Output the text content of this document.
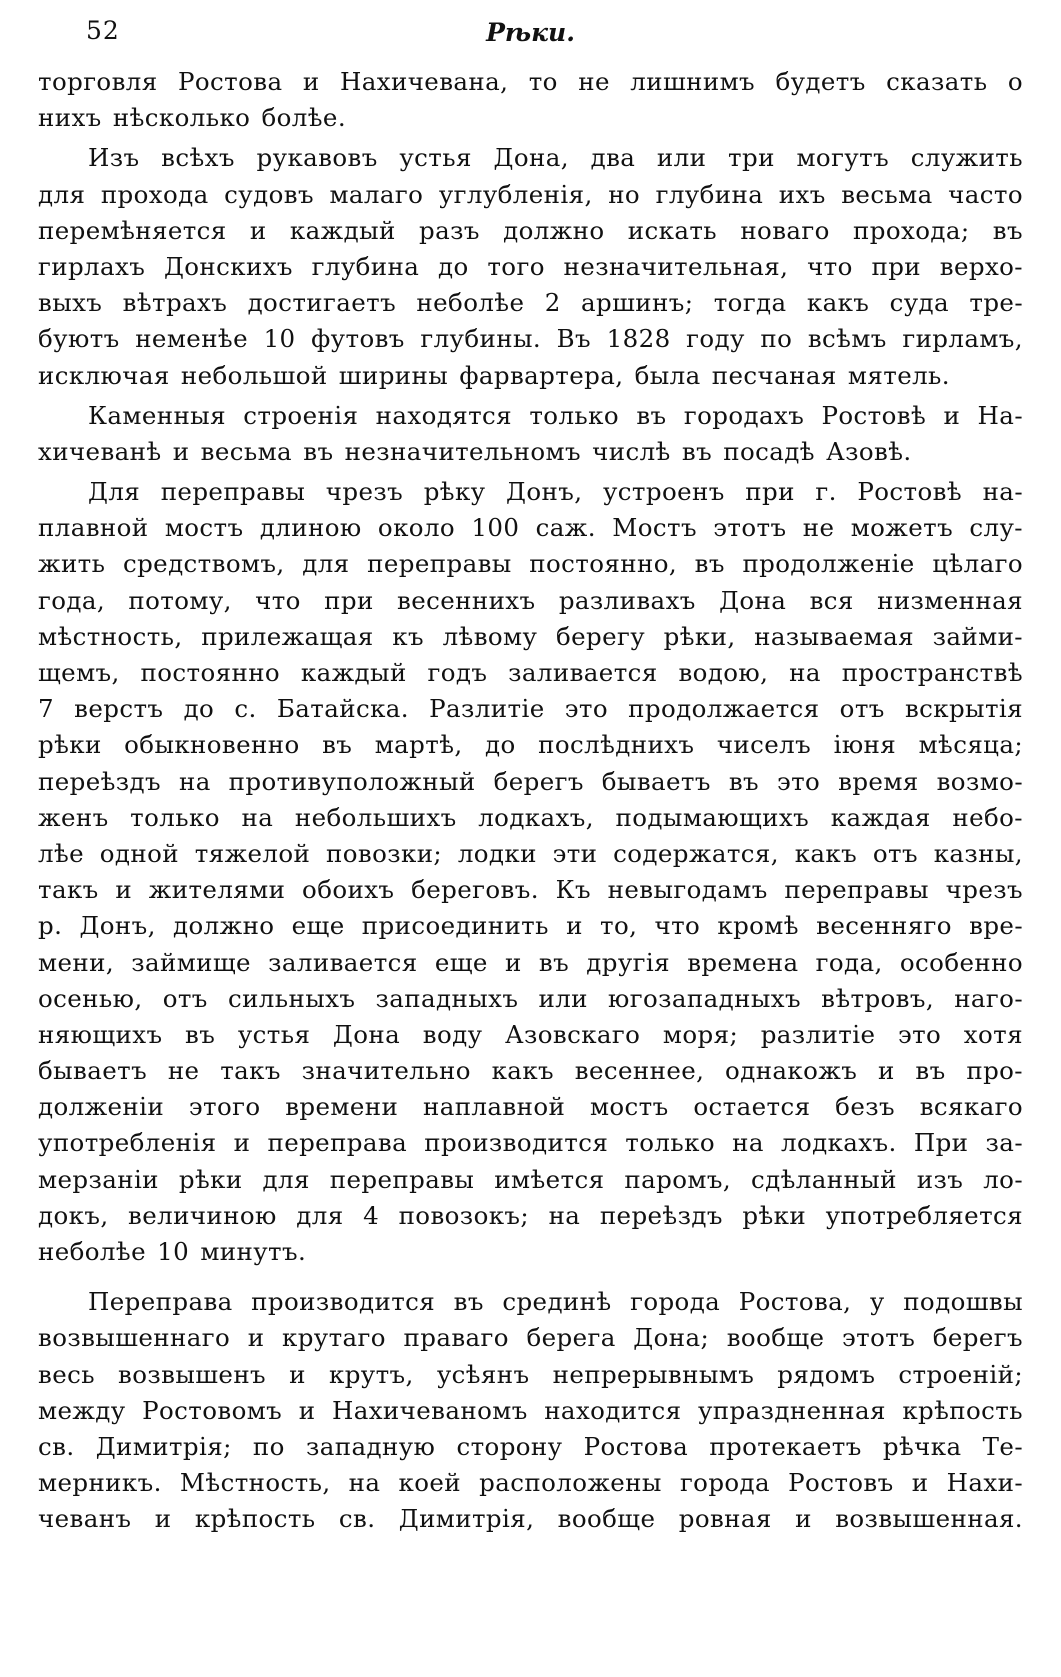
52	Рѣки.
торговля Ростова и Нахичевана, то не лишнимъ будетъ сказать о
нихъ нѣсколько болѣе.
Изъ всѣхъ рукавовъ устья Дона, два или три могутъ служить
для прохода судовъ малаго углубленія, но глубина ихъ весьма часто
перемѣняется и каждый разъ должно искать новаго прохода; въ
гирлахъ Донскихъ глубина до того незначительная, что при верхо-
выхъ вѣтрахъ достигаетъ неболѣе 2 аршинъ; тогда какъ суда тре-
буютъ неменѣе 10 футовъ глубины. Въ 1828 году по всѣмъ гирламъ,
исключая небольшой ширины фарвартера, была песчаная мятель.
Каменныя строенія находятся только въ городахъ Ростовѣ и На-
хичеванѣ и весьма въ незначительномъ числѣ въ посадѣ Азовѣ.
Для переправы чрезъ рѣку Донъ, устроенъ при г. Ростовѣ на-
плавной мостъ длиною около 100 саж. Мостъ этотъ не можетъ слу-
жить средствомъ, для переправы постоянно, въ продолженіе цѣлаго
года, потому, что при весеннихъ разливахъ Дона вся низменная
мѣстность, прилежащая къ лѣвому берегу рѣки, называемая займи-
щемъ, постоянно каждый годъ заливается водою, на пространствѣ
7 верстъ до с. Батайска. Разлитіе это продолжается отъ вскрытія
рѣки обыкновенно въ мартѣ, до послѣднихъ чиселъ іюня мѣсяца;
переѣздъ на противуположный берегъ бываетъ въ это время возмо-
женъ только на небольшихъ лодкахъ, подымающихъ каждая небо-
лѣе одной тяжелой повозки; лодки эти содержатся, какъ отъ казны,
такъ и жителями обоихъ береговъ. Къ невыгодамъ переправы чрезъ
р. Донъ, должно еще присоединить и то, что кромѣ весенняго вре-
мени, займище заливается еще и въ другія времена года, особенно
осенью, отъ сильныхъ западныхъ или югозападныхъ вѣтровъ, наго-
няющихъ въ устья Дона воду Азовскаго моря; разлитіе это хотя
бываетъ не такъ значительно какъ весеннее, однакожъ и въ про-
долженіи этого времени наплавной мостъ остается безъ всякаго
употребленія и переправа производится только на лодкахъ. При за-
мерзаніи рѣки для переправы имѣется паромъ, сдѣланный изъ ло-
докъ, величиною для 4 повозокъ; на переѣздъ рѣки употребляется
неболѣе 10 минутъ.
Переправа производится въ срединѣ города Ростова, у подошвы
возвышеннаго и крутаго праваго берега Дона; вообще этотъ берегъ
весь возвышенъ и крутъ, усѣянъ непрерывнымъ рядомъ строеній;
между Ростовомъ и Нахичеваномъ находится упраздненная крѣпость
св. Димитрія; по западную сторону Ростова протекаетъ рѣчка Те-
мерникъ. Мѣстность, на коей расположены города Ростовъ и Нахи-
чеванъ и крѣпость св. Димитрія, вообще ровная и возвышенная.
